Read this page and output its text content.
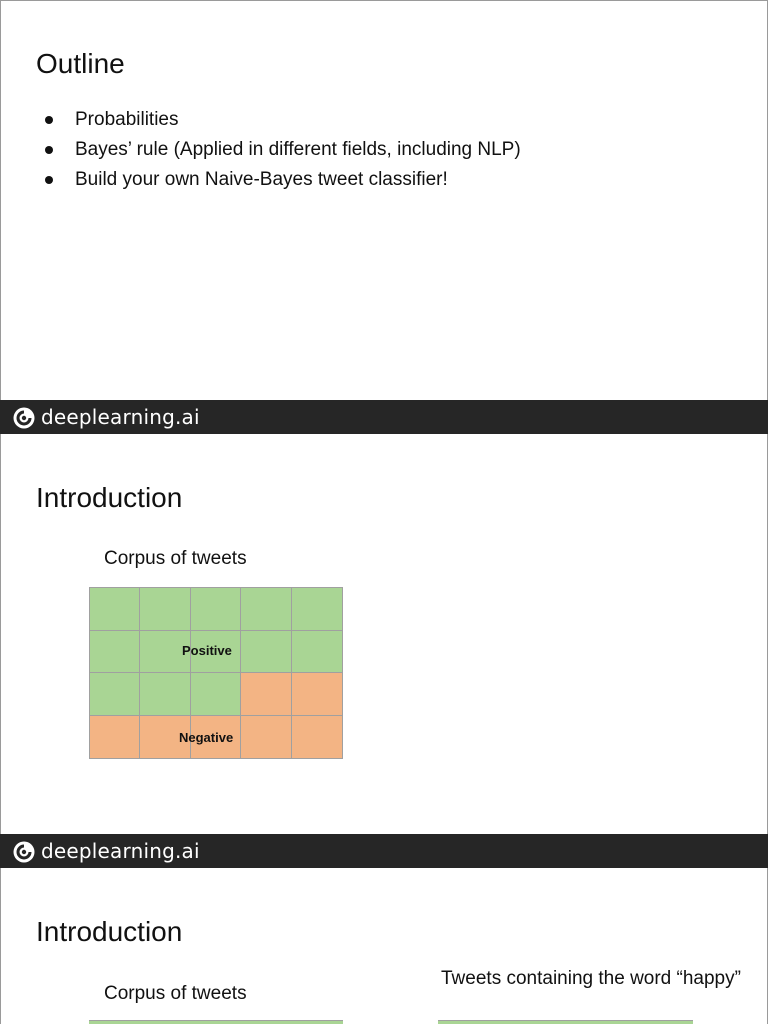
Outline
Probabilities
Bayes’ rule (Applied in different fields, including NLP)
Build your own Naive-Bayes tweet classifier!
deeplearning.ai
Introduction
Corpus of tweets
Positive
Negative
deeplearning.ai
Introduction
Corpus of tweets
Tweets containing the word “happy”
